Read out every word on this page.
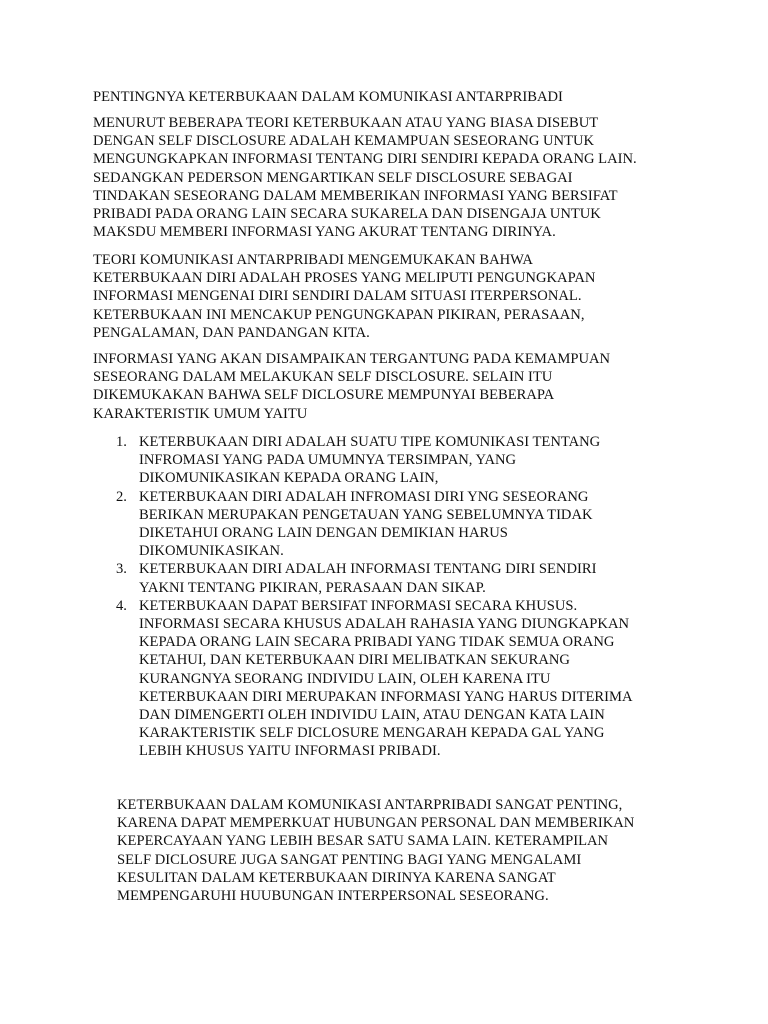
PENTINGNYA KETERBUKAAN DALAM KOMUNIKASI ANTARPRIBADI

MENURUT BEBERAPA TEORI KETERBUKAAN ATAU YANG BIASA DISEBUT
DENGAN SELF DISCLOSURE ADALAH KEMAMPUAN SESEORANG UNTUK
MENGUNGKAPKAN INFORMASI TENTANG DIRI SENDIRI KEPADA ORANG LAIN.
SEDANGKAN PEDERSON MENGARTIKAN SELF DISCLOSURE SEBAGAI
TINDAKAN SESEORANG DALAM MEMBERIKAN INFORMASI YANG BERSIFAT
PRIBADI PADA ORANG LAIN SECARA SUKARELA DAN DISENGAJA UNTUK
MAKSDU MEMBERI INFORMASI YANG AKURAT TENTANG DIRINYA.

TEORI KOMUNIKASI ANTARPRIBADI MENGEMUKAKAN BAHWA
KETERBUKAAN DIRI ADALAH PROSES YANG MELIPUTI PENGUNGKAPAN
INFORMASI MENGENAI DIRI SENDIRI DALAM SITUASI ITERPERSONAL.
KETERBUKAAN INI MENCAKUP PENGUNGKAPAN PIKIRAN, PERASAAN,
PENGALAMAN, DAN PANDANGAN KITA.

INFORMASI YANG AKAN DISAMPAIKAN TERGANTUNG PADA KEMAMPUAN
SESEORANG DALAM MELAKUKAN SELF DISCLOSURE. SELAIN ITU
DIKEMUKAKAN BAHWA SELF DICLOSURE MEMPUNYAI BEBERAPA
KARAKTERISTIK UMUM YAITU

1. KETERBUKAAN DIRI ADALAH SUATU TIPE KOMUNIKASI TENTANG
INFROMASI YANG PADA UMUMNYA TERSIMPAN, YANG
DIKOMUNIKASIKAN KEPADA ORANG LAIN,
2. KETERBUKAAN DIRI ADALAH INFROMASI DIRI YNG SESEORANG
BERIKAN MERUPAKAN PENGETAUAN YANG SEBELUMNYA TIDAK
DIKETAHUI ORANG LAIN DENGAN DEMIKIAN HARUS
DIKOMUNIKASIKAN.
3. KETERBUKAAN DIRI ADALAH INFORMASI TENTANG DIRI SENDIRI
YAKNI TENTANG PIKIRAN, PERASAAN DAN SIKAP.
4. KETERBUKAAN DAPAT BERSIFAT INFORMASI SECARA KHUSUS.
INFORMASI SECARA KHUSUS ADALAH RAHASIA YANG DIUNGKAPKAN
KEPADA ORANG LAIN SECARA PRIBADI YANG TIDAK SEMUA ORANG
KETAHUI, DAN KETERBUKAAN DIRI MELIBATKAN SEKURANG
KURANGNYA SEORANG INDIVIDU LAIN, OLEH KARENA ITU
KETERBUKAAN DIRI MERUPAKAN INFORMASI YANG HARUS DITERIMA
DAN DIMENGERTI OLEH INDIVIDU LAIN, ATAU DENGAN KATA LAIN
KARAKTERISTIK SELF DICLOSURE MENGARAH KEPADA GAL YANG
LEBIH KHUSUS YAITU INFORMASI PRIBADI.

KETERBUKAAN DALAM KOMUNIKASI ANTARPRIBADI SANGAT PENTING,
KARENA DAPAT MEMPERKUAT HUBUNGAN PERSONAL DAN MEMBERIKAN
KEPERCAYAAN YANG LEBIH BESAR SATU SAMA LAIN. KETERAMPILAN
SELF DICLOSURE JUGA SANGAT PENTING BAGI YANG MENGALAMI
KESULITAN DALAM KETERBUKAAN DIRINYA KARENA SANGAT
MEMPENGARUHI HUUBUNGAN INTERPERSONAL SESEORANG.
